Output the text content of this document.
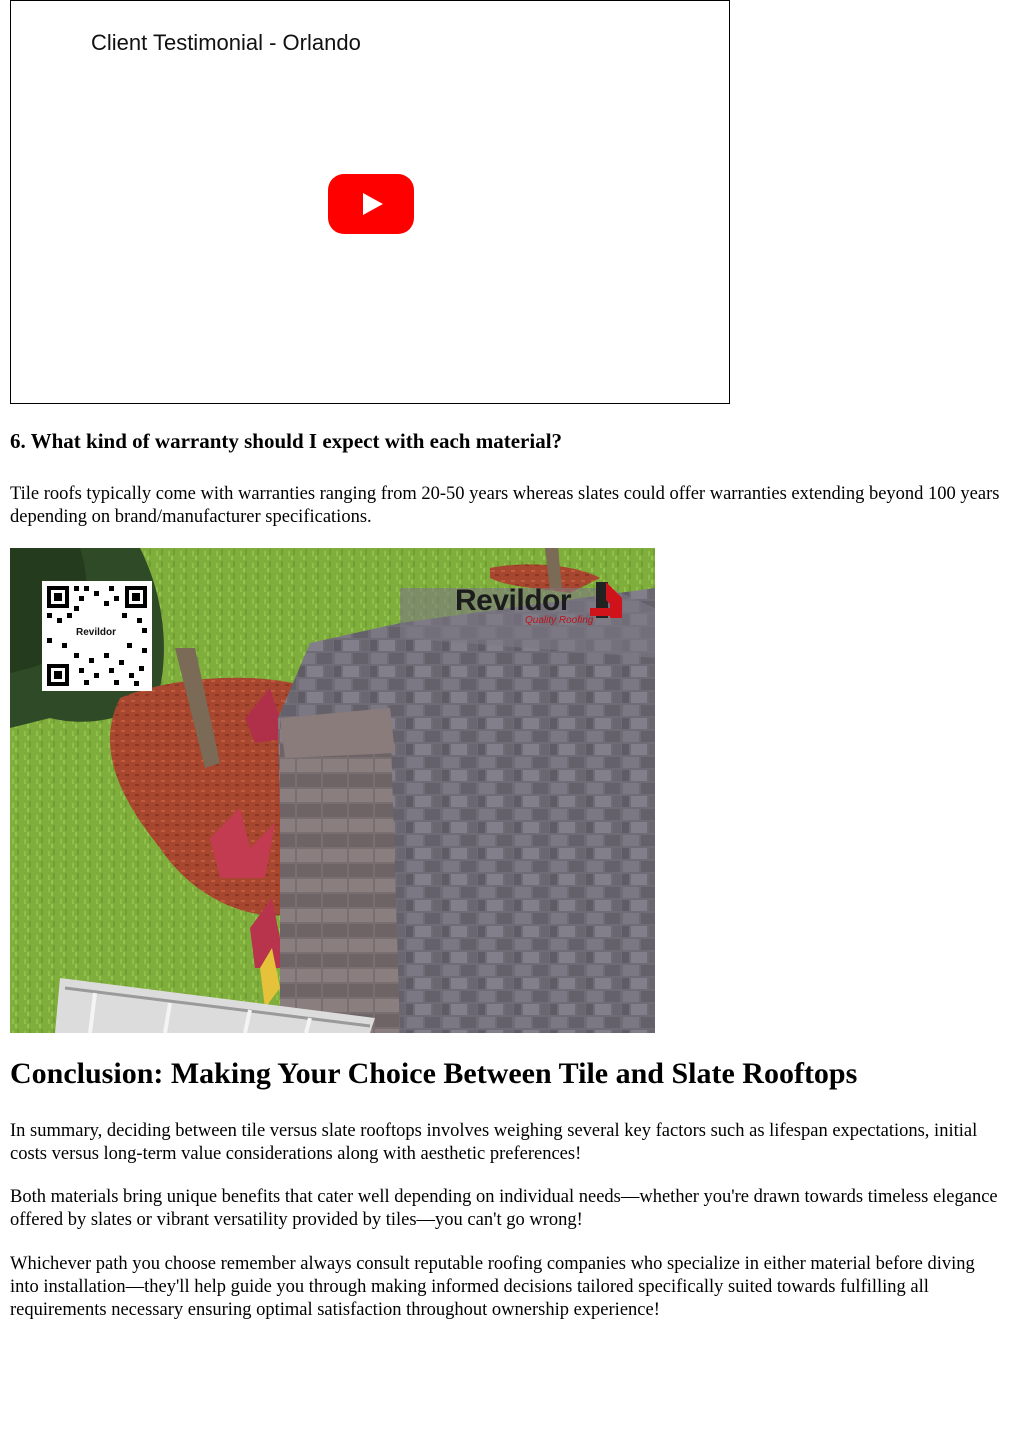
Client Testimonial - Orlando
6. What kind of warranty should I expect with each material?

Tile roofs typically come with warranties ranging from 20-50 years whereas slates could offer warranties extending beyond 100 years depending on brand/manufacturer specifications.

Revildor
Revildor
Quality Roofing
Conclusion: Making Your Choice Between Tile and Slate Rooftops

In summary, deciding between tile versus slate rooftops involves weighing several key factors such as lifespan expectations, initial costs versus long-term value considerations along with aesthetic preferences!

Both materials bring unique benefits that cater well depending on individual needs—whether you're drawn towards timeless elegance offered by slates or vibrant versatility provided by tiles—you can't go wrong!

Whichever path you choose remember always consult reputable roofing companies who specialize in either material before diving into installation—they'll help guide you through making informed decisions tailored specifically suited towards fulfilling all requirements necessary ensuring optimal satisfaction throughout ownership experience!
